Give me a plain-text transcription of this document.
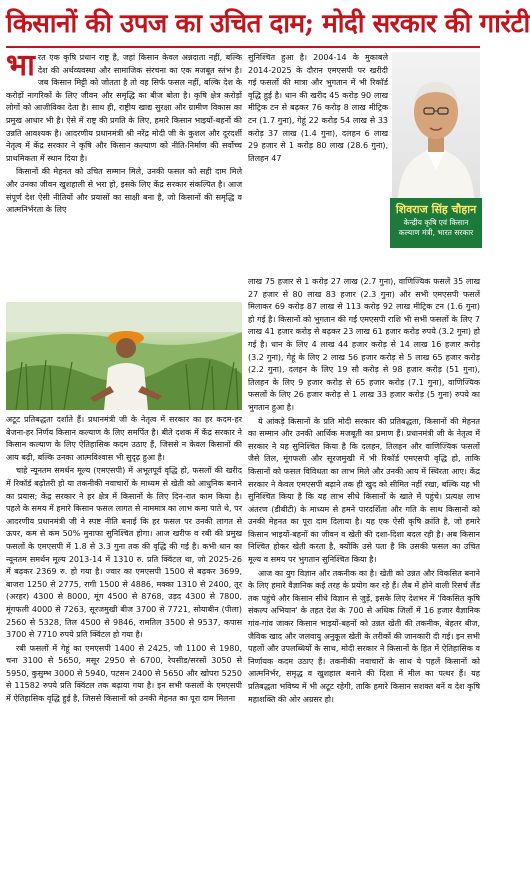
किसानों की उपज का उचित दाम; मोदी सरकार की गारंटी

भारत एक कृषि प्रधान राष्ट्र है, जहां किसान केवल अन्नदाता नहीं, बल्कि देश की अर्थव्यवस्था और सामाजिक संरचना का एक मजबूत स्तंभ है। जब किसान मिट्टी को जोतता है तो वह सिर्फ फसल नहीं, बल्कि देश के करोड़ों नागरिकों के लिए जीवन और समृद्धि का बीज बोता है। कृषि क्षेत्र करोड़ों लोगों को आजीविका देता है। साथ ही, राष्ट्रीय खाद्य सुरक्षा और ग्रामीण विकास का प्रमुख आधार भी है। ऐसे में राष्ट्र की प्रगति के लिए, हमारे किसान भाइयों-बहनों की उन्नति आवश्यक है। आदरणीय प्रधानमंत्री श्री नरेंद्र मोदी जी के कुशल और दूरदर्शी नेतृत्व में केंद्र सरकार ने कृषि और किसान कल्याण को नीति-निर्माण की सर्वोच्च प्राथमिकता में स्थान दिया है।

किसानों की मेहनत को उचित सम्मान मिले, उनकी फसल को सही दाम मिले और उनका जीवन खुशहाली से भरा हो, इसके लिए केंद्र सरकार संकल्पित है। आज संपूर्ण देश ऐसी नीतियों और प्रयासों का साक्षी बना है, जो किसानों की समृद्धि व आत्मनिर्भरता के लिए

अटूट प्रतिबद्धता दर्शाते हैं। प्रधानमंत्री जी के नेतृत्व में सरकार का हर कदम-हर बेजना-हर निर्णय किसान कल्याण के लिए समर्पित है। बीते दशक में केंद्र सरकार ने किसान कल्याण के लिए ऐतिहासिक कदम उठाए हैं, जिससे न केवल किसानों की आय बढ़ी, बल्कि उनका आत्मविश्वास भी सुदृढ़ हुआ है।

चाहे न्यूनतम समर्थन मूल्य (एमएसपी) में अभूतपूर्व वृद्धि हो, फसलों की खरीद में रिकॉर्ड बढ़ोतरी हो या तकनीकी नवाचारों के माध्यम से खेती को आधुनिक बनाने का प्रयास; केंद्र सरकार ने हर क्षेत्र में किसानों के लिए दिन-रात काम किया है। पहले के समय में हमारे किसान फसल लागत से नाममात्र का लाभ कमा पाते थे, पर आदरणीय प्रधानमंत्री जी ने स्पष्ट नीति बनाई कि हर फसल पर उनकी लागत से ऊपर, कम से कम 50% मुनाफा सुनिश्चित होगा। आज खरीफ व रबी की प्रमुख फसलों के एमएसपी में 1.8 से 3.3 गुना तक की वृद्धि की गई है। कभी धान का न्यूनतम समर्थन मूल्य 2013-14 में 1310 रु. प्रति क्विंटल था, जो 2025-26 में बढ़कर 2369 रु. हो गया है। ज्वार का एमएसपी 1500 से बढ़कर 3699, बाजरा 1250 से 2775, रागी 1500 से 4886, मक्का 1310 से 2400, तूर (अरहर) 4300 से 8000, मूंग 4500 से 8768, उड़द 4300 से 7800, मूंगफली 4000 से 7263, सूरजमुखी बीज 3700 से 7721, सोयाबीन (पीला) 2560 से 5328, तिल 4500 से 9846, रामतिल 3500 से 9537, कपास 3700 से 7710 रुपये प्रति क्विंटल हो गया है।

रबी फसलों में गेहूं का एमएसपी 1400 से 2425, जौ 1100 से 1980, चना 3100 से 5650, मसूर 2950 से 6700, रेपसीड/सरसों 3050 से 5950, कुसुम्भ 3000 से 5940, पटसन 2400 से 5650 और खोपरा 5250 से 11582 रुपये प्रति क्विंटल तक बढ़ाया गया है। इन सभी फसलों के एमएसपी में ऐतिहासिक वृद्धि हुई है, जिससे किसानों को उनकी मेहनत का पूरा दाम मिलना

सुनिश्चित हुआ है। 2004-14 के मुकाबले 2014-2025 के दौरान एमएसपी पर खरीदी गई फसलों की मात्रा और भुगतान में भी रिकॉर्ड वृद्धि हुई है। धान की खरीद 45 करोड़ 90 लाख मीट्रिक टन से बढ़कर 76 करोड़ 8 लाख मीट्रिक टन (1.7 गुना), गेहूं 22 करोड़ 54 लाख से 33 करोड़ 37 लाख (1.4 गुना), दलहन 6 लाख 29 हजार से 1 करोड़ 80 लाख (28.6 गुना), तिलहन 47

शिवराज सिंह चौहान
केन्द्रीय कृषि एवं किसान
कल्याण मंत्री, भारत सरकार

लाख 75 हजार से 1 करोड़ 27 लाख (2.7 गुना), वाणिज्यिक फसलें 35 लाख 27 हजार से 80 लाख 83 हजार (2.3 गुना) और सभी एमएसपी फसलें मिलाकर 69 करोड़ 87 लाख से 113 करोड़ 92 लाख मीट्रिक टन (1.6 गुना) हो गई है। किसानों को भुगतान की गई एमएसपी राशि भी सभी फसलों के लिए 7 लाख 41 हजार करोड़ से बढ़कर 23 लाख 61 हजार करोड़ रुपये (3.2 गुना) हो गई है। धान के लिए 4 लाख 44 हजार करोड़ से 14 लाख 16 हजार करोड़ (3.2 गुना), गेहूं के लिए 2 लाख 56 हजार करोड़ से 5 लाख 65 हजार करोड़ (2.2 गुना), दलहन के लिए 19 सौ करोड़ से 98 हजार करोड़ (51 गुना), तिलहन के लिए 9 हजार करोड़ से 65 हजार करोड़ (7.1 गुना), वाणिज्यिक फसलों के लिए 26 हजार करोड़ से 1 लाख 33 हजार करोड़ (5 गुना) रुपये का भुगतान हुआ है।

ये आंकड़े किसानों के प्रति मोदी सरकार की प्रतिबद्धता, किसानों की मेहनत का सम्मान और उनकी आर्थिक मजबूती का प्रमाण हैं। प्रधानमंत्री जी के नेतृत्व में सरकार ने यह सुनिश्चित किया है कि दलहन, तिलहन और वाणिज्यिक फसलों जैसे तिल, मूंगफली और सूरजमुखी में भी रिकॉर्ड एमएसपी वृद्धि हो, ताकि किसानों को फसल विविधता का लाभ मिले और उनकी आय में स्थिरता आए। केंद्र सरकार ने केवल एमएसपी बढ़ाने तक ही खुद को सीमित नहीं रखा, बल्कि यह भी सुनिश्चित किया है कि यह लाभ सीधे किसानों के खाते में पहुंचे। प्रत्यक्ष लाभ अंतरण (डीबीटी) के माध्यम से हमने पारदर्शिता और गति के साथ किसानों को उनकी मेहनत का पूरा दाम दिलाया है। यह एक ऐसी कृषि क्रांति है, जो हमारे किसान भाइयों-बहनों का जीवन व खेती की दशा-दिशा बदल रही है। अब किसान निश्चित होकर खेती करता है, क्योंकि उसे पता है कि उसकी फसल का उचित मूल्य व समय पर भुगतान सुनिश्चित किया है।

आज का युग विज्ञान और तकनीक का है। खेती को उन्नत और विकसित बनाने के लिए हमारे वैज्ञानिक कई तरह के प्रयोग कर रहे हैं। लैब में होने वाली रिसर्च लैंड तक पहुंचे और किसान सीधे विज्ञान से जुड़ें, इसके लिए देशभर में 'विकसित कृषि संकल्प अभियान' के तहत देश के 700 से अधिक जिलों में 16 हजार वैज्ञानिक गांव-गांव जाकर किसान भाइयों-बहनों को उन्नत खेती की तकनीक, बेहतर बीज, जैविक खाद और जलवायु अनुकूल खेती के तरीकों की जानकारी दी गई। इन सभी पहलों और उपलब्धियों के साथ, मोदी सरकार ने किसानों के हित में ऐतिहासिक व निर्णायक कदम उठाए हैं। तकनीकी नवाचारों के साथ ये पहलें किसानों को आत्मनिर्भर, समृद्ध व खुशहाल बनाने की दिशा में मील का पत्थर हैं। यह प्रतिबद्धता भविष्य में भी अटूट रहेगी, ताकि हमारे किसान सशक्त बनें व देश कृषि महाशक्ति की ओर अग्रसर हो।
